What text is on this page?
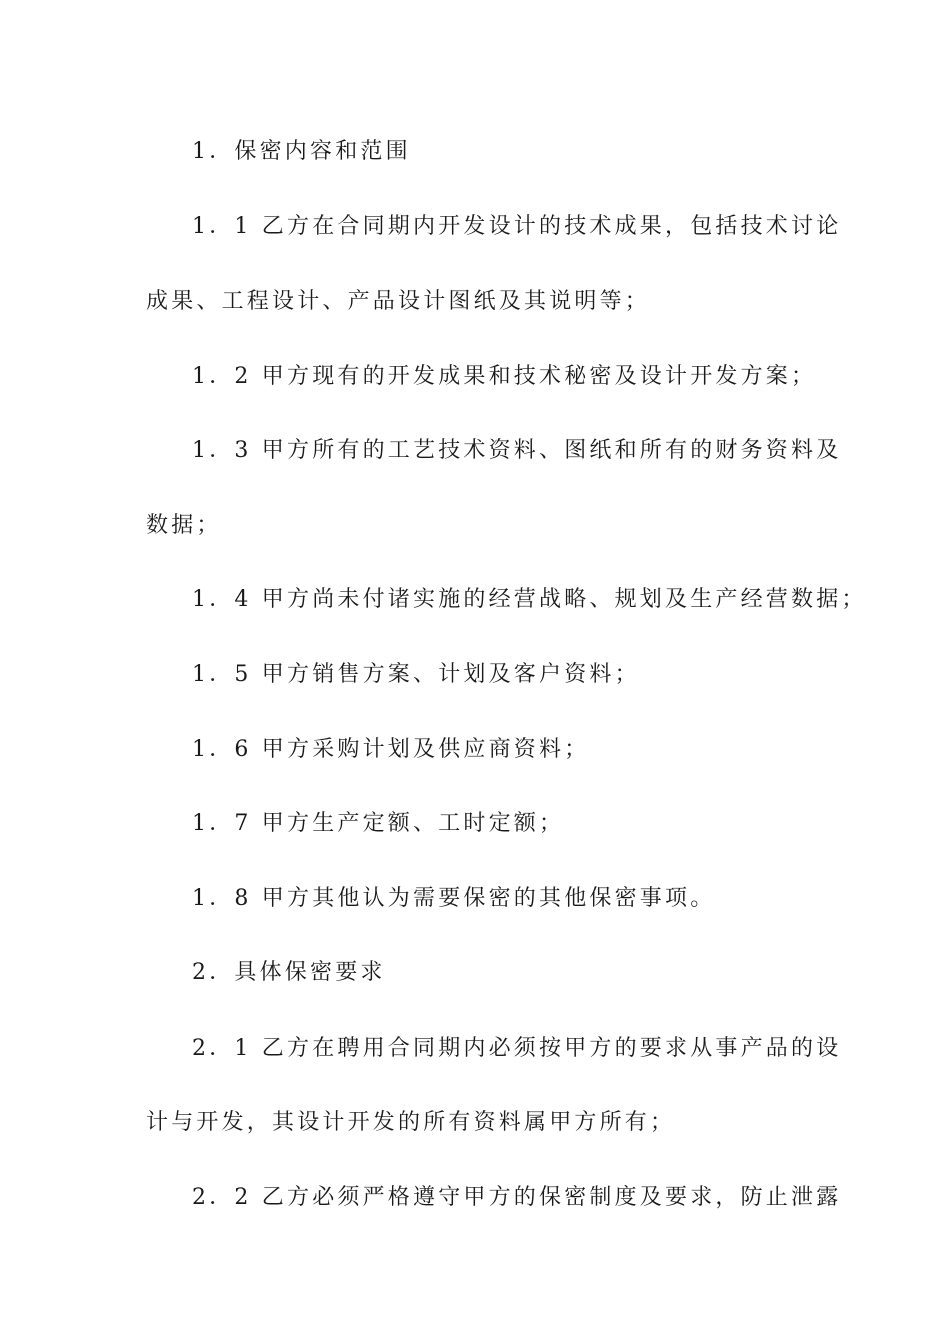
1．保密内容和范围
1．1 乙方在合同期内开发设计的技术成果，包括技术讨论
成果、工程设计、产品设计图纸及其说明等；
1．2 甲方现有的开发成果和技术秘密及设计开发方案；
1．3 甲方所有的工艺技术资料、图纸和所有的财务资料及
数据；
1．4 甲方尚未付诸实施的经营战略、规划及生产经营数据；
1．5 甲方销售方案、计划及客户资料；
1．6 甲方采购计划及供应商资料；
1．7 甲方生产定额、工时定额；
1．8 甲方其他认为需要保密的其他保密事项。
2．具体保密要求
2．1 乙方在聘用合同期内必须按甲方的要求从事产品的设
计与开发，其设计开发的所有资料属甲方所有；
2．2 乙方必须严格遵守甲方的保密制度及要求，防止泄露
